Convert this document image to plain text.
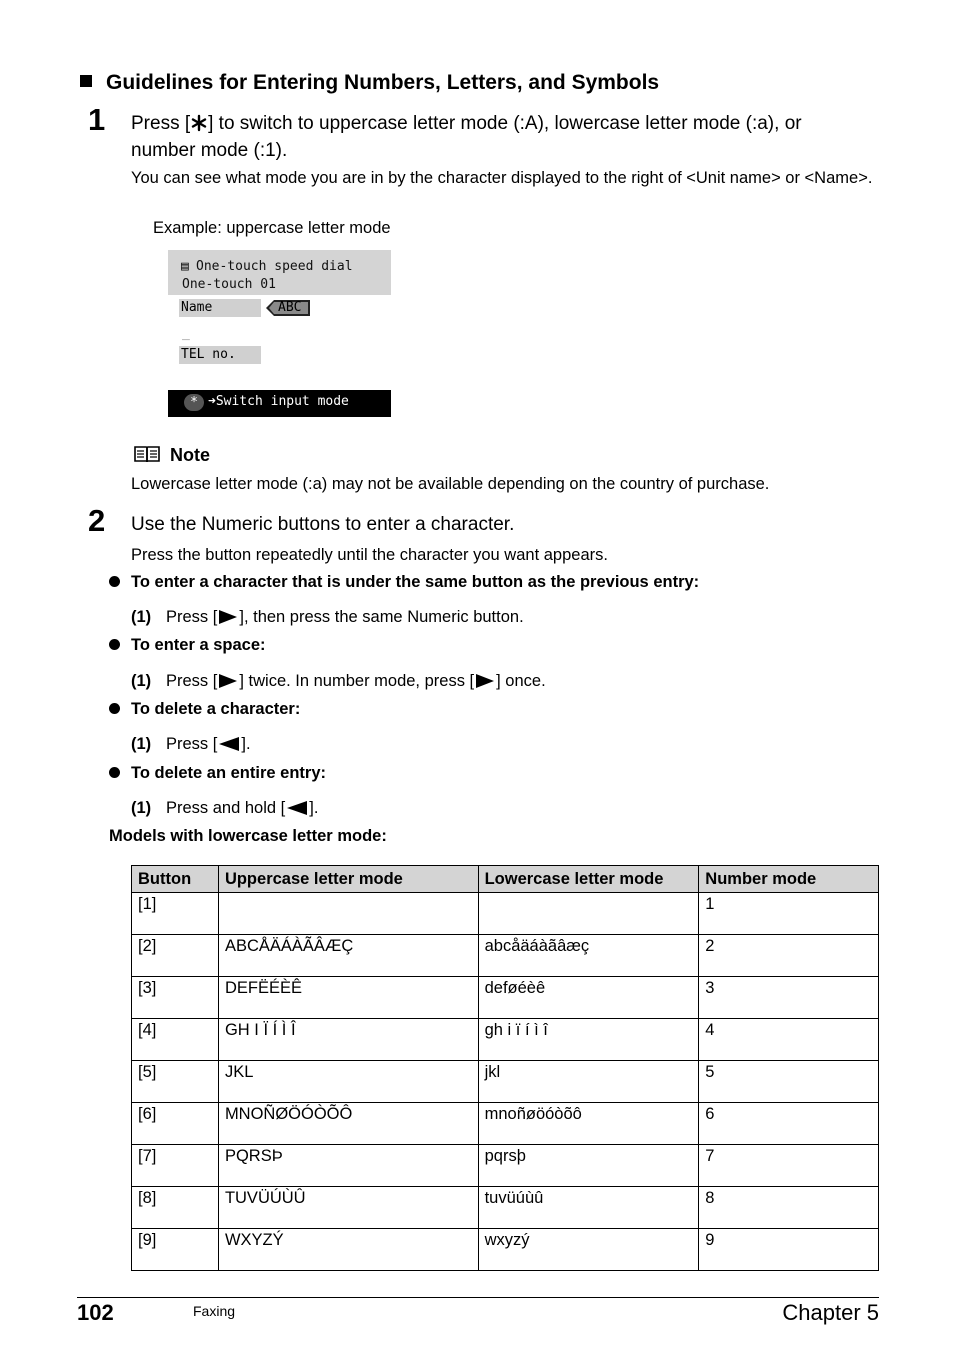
Guidelines for Entering Numbers, Letters, and Symbols
1 Press [ ] to switch to uppercase letter mode (:A), lowercase letter mode (:a), or number mode (:1).
You can see what mode you are in by the character displayed to the right of <Unit name> or <Name>.
Example: uppercase letter mode
▤ One-touch speed dial
One-touch 01
Name	ABC
_
TEL no.
* ➜Switch input mode
Note
Lowercase letter mode (:a) may not be available depending on the country of purchase.
2 Use the Numeric buttons to enter a character.
Press the button repeatedly until the character you want appears.
To enter a character that is under the same button as the previous entry:
(1) Press [ ], then press the same Numeric button.
To enter a space:
(1) Press [ ] twice. In number mode, press [ ] once.
To delete a character:
(1) Press [ ].
To delete an entire entry:
(1) Press and hold [ ].
Models with lowercase letter mode:
Button	Uppercase letter mode	Lowercase letter mode	Number mode
[1]			1
[2]	ABCÅÄÁÀÃÂÆÇ	abcåäáàãâæç	2
[3]	DEFËÉÈÊ	deføéèê	3
[4]	GH I Ï Í Ì Î	gh i ï í ì î	4
[5]	JKL	jkl	5
[6]	MNOÑØÖÓÒÕÔ	mnoñøöóòõô	6
[7]	PQRSÞ	pqrsþ	7
[8]	TUVÜÚÙÛ	tuvüúùû	8
[9]	WXYZÝ	wxyzý	9
102	Faxing	Chapter 5
